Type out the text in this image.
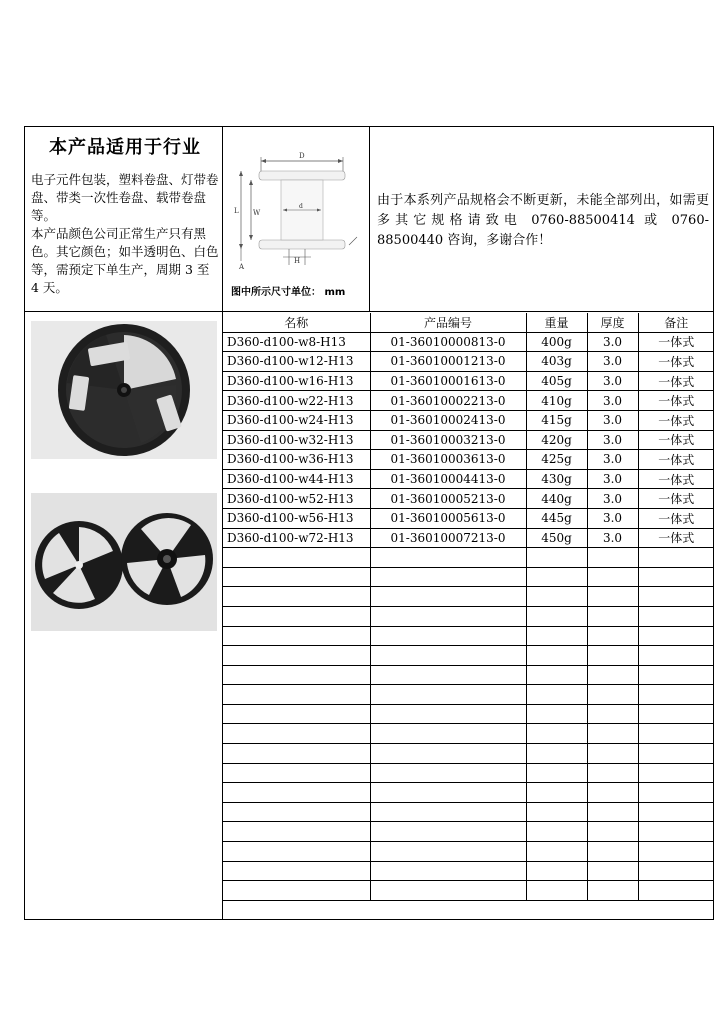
本产品适用于行业

电子元件包装，塑料卷盘、灯带卷盘、带类一次性卷盘、载带卷盘等。

本产品颜色公司正常生产只有黑色。其它颜色；如半透明色、白色等，需预定下单生产，周期 3 至 4 天。

D
L W
d
A
H
图中所示尺寸单位： mm
由于本系列产品规格会不断更新，未能全部列出，如需更多其它规格请致电 0760-88500414 或 0760-88500440 咨询，多谢合作！
名称	产品编号	重量	厚度	备注
D360-d100-w8-H13	01-36010000813-0	400g	3.0	一体式
D360-d100-w12-H13	01-36010001213-0	403g	3.0	一体式
D360-d100-w16-H13	01-36010001613-0	405g	3.0	一体式
D360-d100-w22-H13	01-36010002213-0	410g	3.0	一体式
D360-d100-w24-H13	01-36010002413-0	415g	3.0	一体式
D360-d100-w32-H13	01-36010003213-0	420g	3.0	一体式
D360-d100-w36-H13	01-36010003613-0	425g	3.0	一体式
D360-d100-w44-H13	01-36010004413-0	430g	3.0	一体式
D360-d100-w52-H13	01-36010005213-0	440g	3.0	一体式
D360-d100-w56-H13	01-36010005613-0	445g	3.0	一体式
D360-d100-w72-H13	01-36010007213-0	450g	3.0	一体式
